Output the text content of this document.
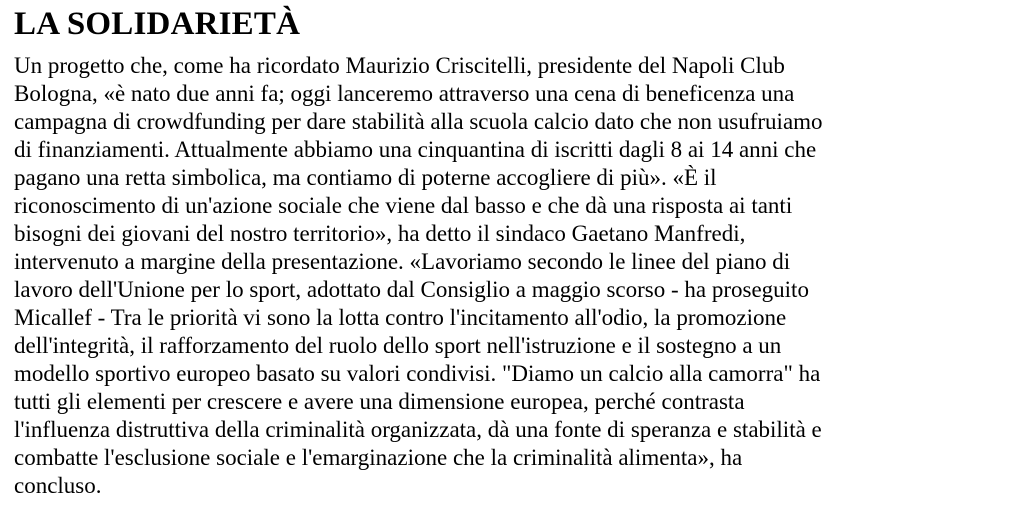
LA SOLIDARIETÀ
Un progetto che, come ha ricordato Maurizio Criscitelli, presidente del Napoli Club
Bologna, «è nato due anni fa; oggi lanceremo attraverso una cena di beneficenza una
campagna di crowdfunding per dare stabilità alla scuola calcio dato che non usufruiamo
di finanziamenti. Attualmente abbiamo una cinquantina di iscritti dagli 8 ai 14 anni che
pagano una retta simbolica, ma contiamo di poterne accogliere di più». «È il
riconoscimento di un'azione sociale che viene dal basso e che dà una risposta ai tanti
bisogni dei giovani del nostro territorio», ha detto il sindaco Gaetano Manfredi,
intervenuto a margine della presentazione. «Lavoriamo secondo le linee del piano di
lavoro dell'Unione per lo sport, adottato dal Consiglio a maggio scorso - ha proseguito
Micallef - Tra le priorità vi sono la lotta contro l'incitamento all'odio, la promozione
dell'integrità, il rafforzamento del ruolo dello sport nell'istruzione e il sostegno a un
modello sportivo europeo basato su valori condivisi. "Diamo un calcio alla camorra" ha
tutti gli elementi per crescere e avere una dimensione europea, perché contrasta
l'influenza distruttiva della criminalità organizzata, dà una fonte di speranza e stabilità e
combatte l'esclusione sociale e l'emarginazione che la criminalità alimenta», ha
concluso.
